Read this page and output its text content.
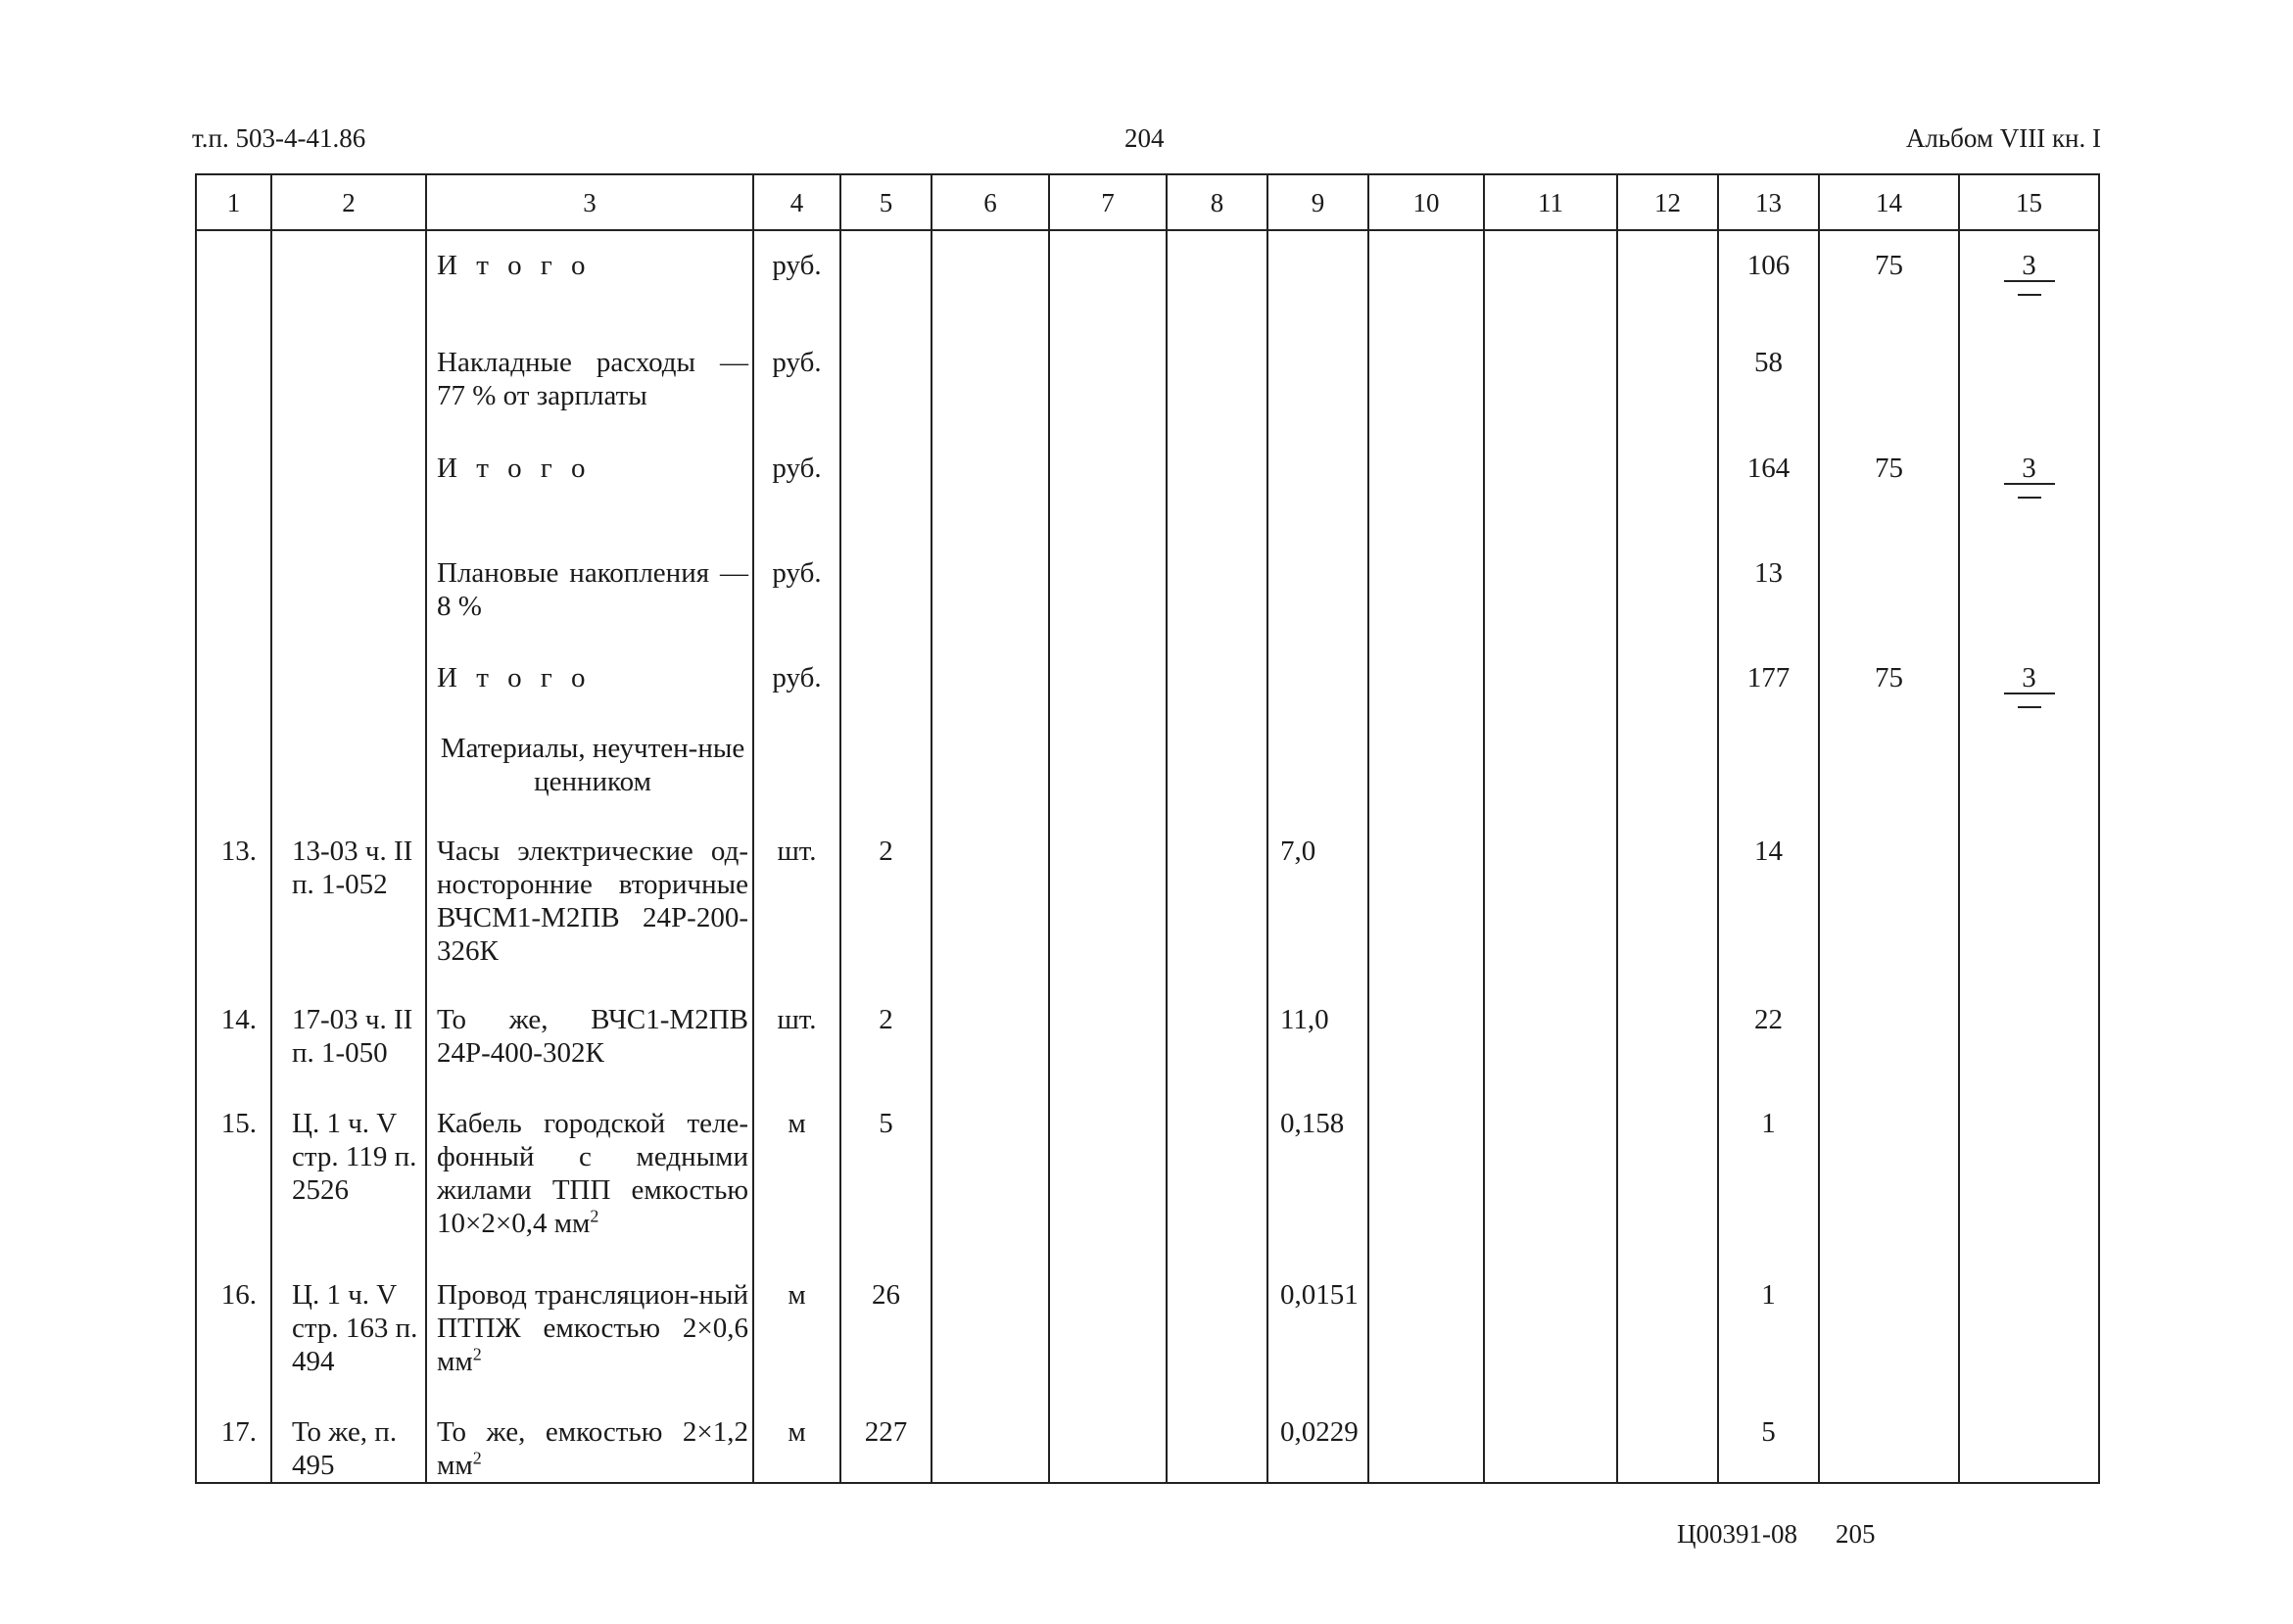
т.п. 503-4-41.86	204	Альбом VIII кн. I
1	2	3	4	5	6	7	8	9	10	11	12	13	14	15
		И т о г о	руб.									106	75	3

		Накладные расходы — 77 % от зарплаты	руб.									58		
		И т о г о	руб.									164	75	3

		Плановые накопления — 8 %	руб.									13		
		И т о г о	руб.									177	75	3

		Материалы, неучтен-ные ценником												
13.	13-03 ч. II п. 1-052	Часы электрические од-носторонние вторичные ВЧСМ1-М2ПВ 24Р-200-326К	шт.	2				7,0				14		
14.	17-03 ч. II п. 1-050	То же, ВЧС1-М2ПВ 24Р-400-302К	шт.	2				11,0				22		
15.	Ц. 1 ч. V стр. 119 п. 2526	Кабель городской теле-фонный с медными жилами ТПП емкостью 10×2×0,4 $мм^2$	м	5				0,158				1		
16.	Ц. 1 ч. V стр. 163 п. 494	Провод трансляцион-ный ПТПЖ емкостью 2×0,6 $мм^2$	м	26				0,0151				1		
17.	То же, п. 495	То же, емкостью 2×1,2 $мм^2$	м	227				0,0229				5		
Ц00391-08 205
